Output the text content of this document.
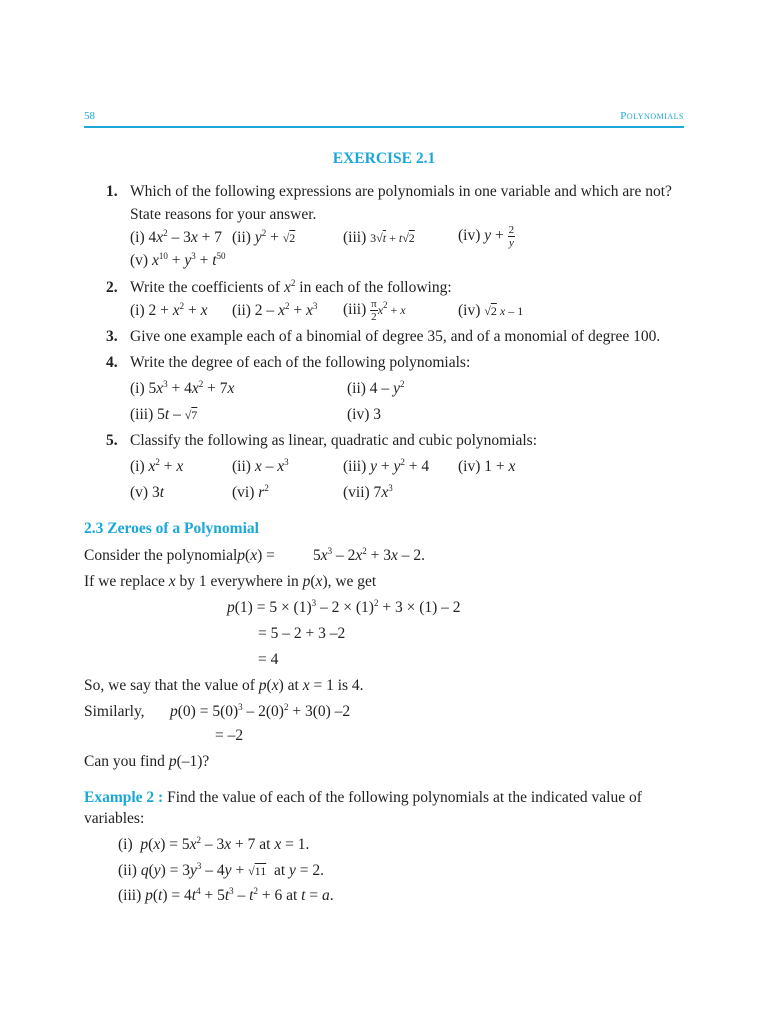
58	Polynomials
EXERCISE 2.1
1. Which of the following expressions are polynomials in one variable and which are not?
State reasons for your answer.
(i) $4x^2 - 3x + 7$ (ii) $y^2 + √2$	(iii) 3√t + t√2	(iv) $y + \frac{2}{y}$
(v) $x^{10} + y^3 + t^{50}$
2. Write the coefficients of $x^2$ in each of the following:
(i) $2 + x^2 + x$ (ii) $2 - x^2 + x^3$ $(iii) \frac{\pi}{2} x^2 + x$	(iv) √2 x – 1
3. Give one example each of a binomial of degree 35, and of a monomial of degree 100.
4. Write the degree of each of the following polynomials:
(i) $5x^3 + 4x^2 + 7x$	(ii) $4 - y^2$
(iii) 5t – √7	(iv) 3
5. Classify the following as linear, quadratic and cubic polynomials:
(i) $x^2 + x$	(ii) x – $x^3$	(iii) $y + y^2 + 4$ (iv) 1 + x
(v) 3t	(vi) $r^2$	(vii) $7x^3$
2.3 Zeroes of a Polynomial
Consider the polynomialp(x) = $5x^3 - 2x^2 + 3x - 2$.
If we replace x by 1 everywhere in p(x), we get
$p(1) = 5 \times (1)^3 - 2 \times (1)^2 + 3 \times (1) - 2$
= 5 – 2 + 3 –2
= 4
So, we say that the value of p(x) at x = 1 is 4.
Similarly, $p(0) = 5(0)^3 - 2(0)^2 + 3(0)$ –2
= –2
Can you find p(–1)?
Example 2 : Find the value of each of the following polynomials at the indicated value of
variables:
(i)  $p(x) = 5x^2 - 3x + 7$ at x = 1.
(ii) $q(y) = 3y^3 - 4y + √11$  at y = 2.
(iii) $p(t) = 4t^4 + 5t^3 - t^2 + 6$ at t = a.
